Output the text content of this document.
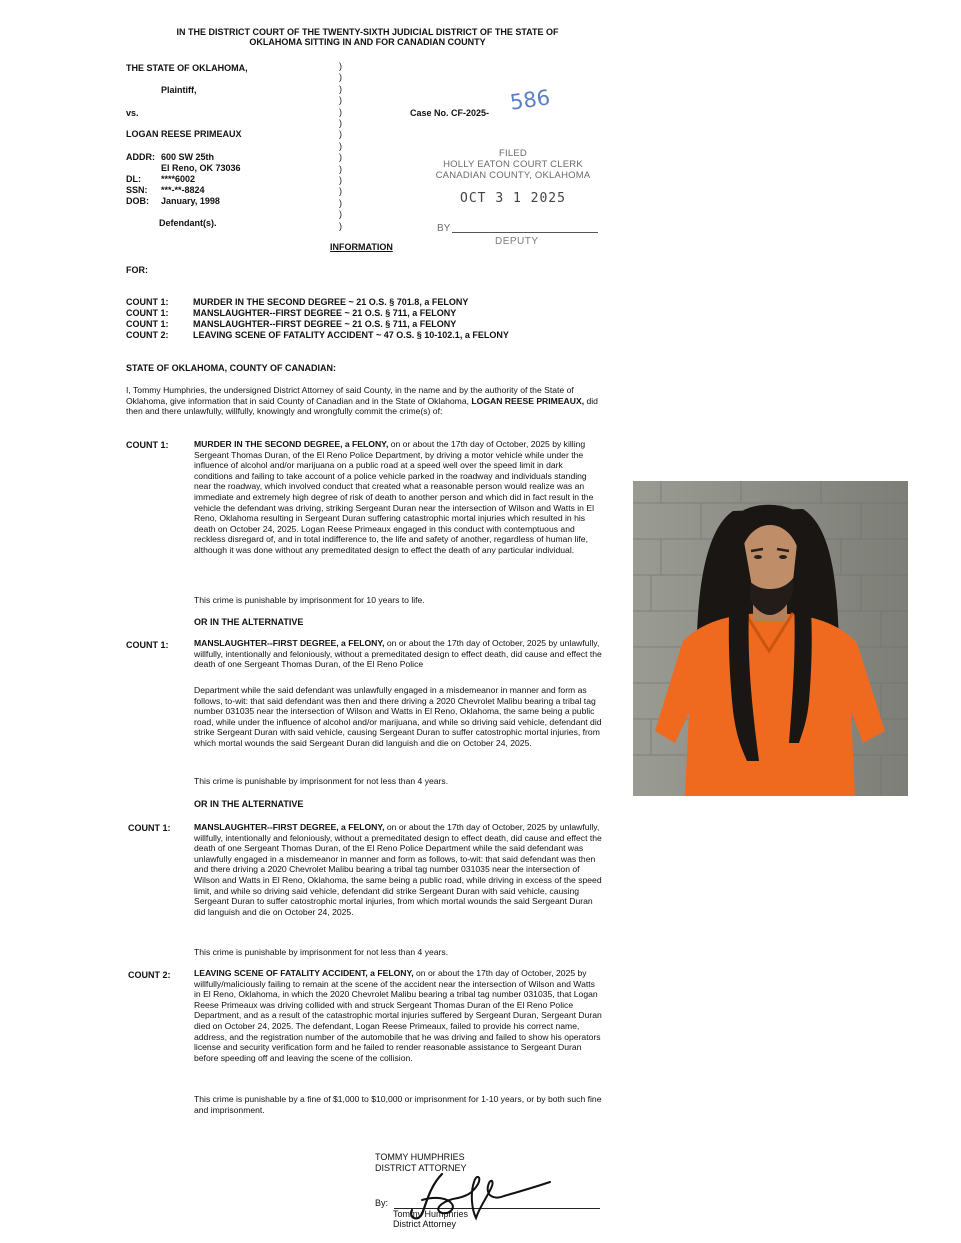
IN THE DISTRICT COURT OF THE TWENTY-SIXTH JUDICIAL DISTRICT OF THE STATE OF
OKLAHOMA SITTING IN AND FOR CANADIAN COUNTY
THE STATE OF OKLAHOMA,
Plaintiff,
vs.
LOGAN REESE PRIMEAUX
ADDR: 600 SW 25th
El Reno, OK 73036
DL: ****6002
SSN: ***-**-8824
DOB: January, 1998
Defendant(s).
)
)
)
)
)
)
)
)
)
)
)
)
)
)
)
Case No. CF-2025- 586
FILED
HOLLY EATON COURT CLERK
CANADIAN COUNTY, OKLAHOMA
OCT 3 1 2025
BY
DEPUTY
INFORMATION
FOR:
COUNT 1:	MURDER IN THE SECOND DEGREE ~ 21 O.S. § 701.8, a FELONY
COUNT 1:	MANSLAUGHTER--FIRST DEGREE ~ 21 O.S. § 711, a FELONY
COUNT 1:	MANSLAUGHTER--FIRST DEGREE ~ 21 O.S. § 711, a FELONY
COUNT 2:	LEAVING SCENE OF FATALITY ACCIDENT ~ 47 O.S. § 10-102.1, a FELONY
STATE OF OKLAHOMA, COUNTY OF CANADIAN:
I, Tommy Humphries, the undersigned District Attorney of said County, in the name and by the authority of the State of Oklahoma, give information that in said County of Canadian and in the State of Oklahoma, LOGAN REESE PRIMEAUX, did then and there unlawfully, willfully, knowingly and wrongfully commit the crime(s) of:
COUNT 1:	MURDER IN THE SECOND DEGREE, a FELONY, on or about the 17th day of October, 2025 by killing Sergeant Thomas Duran, of the El Reno Police Department, by driving a motor vehicle while under the influence of alcohol and/or marijuana on a public road at a speed well over the speed limit in dark conditions and failing to take account of a police vehicle parked in the roadway and individuals standing near the roadway, which involved conduct that created what a reasonable person would realize was an immediate and extremely high degree of risk of death to another person and which did in fact result in the vehicle the defendant was driving, striking Sergeant Duran near the intersection of Wilson and Watts in El Reno, Oklahoma resulting in Sergeant Duran suffering catastrophic mortal injuries which resulted in his death on October 24, 2025. Logan Reese Primeaux engaged in this conduct with contemptuous and reckless disregard of, and in total indifference to, the life and safety of another, regardless of human life, although it was done without any premeditated design to effect the death of any particular individual.
This crime is punishable by imprisonment for 10 years to life.
OR IN THE ALTERNATIVE
COUNT 1:	MANSLAUGHTER--FIRST DEGREE, a FELONY, on or about the 17th day of October, 2025 by unlawfully, willfully, intentionally and feloniously, without a premeditated design to effect death, did cause and effect the death of one Sergeant Thomas Duran, of the El Reno Police
Department while the said defendant was unlawfully engaged in a misdemeanor in manner and form as follows, to-wit: that said defendant was then and there driving a 2020 Chevrolet Malibu bearing a tribal tag number 031035 near the intersection of Wilson and Watts in El Reno, Oklahoma, the same being a public road, while under the influence of alcohol and/or marijuana, and while so driving said vehicle, defendant did strike Sergeant Duran with said vehicle, causing Sergeant Duran to suffer catostrophic mortal injuries, from which mortal wounds the said Sergeant Duran did languish and die on October 24, 2025.
This crime is punishable by imprisonment for not less than 4 years.
OR IN THE ALTERNATIVE
COUNT 1:	MANSLAUGHTER--FIRST DEGREE, a FELONY, on or about the 17th day of October, 2025 by unlawfully, willfully, intentionally and feloniously, without a premeditated design to effect death, did cause and effect the death of one Sergeant Thomas Duran, of the El Reno Police Department while the said defendant was unlawfully engaged in a misdemeanor in manner and form as follows, to-wit: that said defendant was then and there driving a 2020 Chevrolet Malibu bearing a tribal tag number 031035 near the intersection of Wilson and Watts in El Reno, Oklahoma, the same being a public road, while driving in excess of the speed limit, and while so driving said vehicle, defendant did strike Sergeant Duran with said vehicle, causing Sergeant Duran to suffer catostrophic mortal injuries, from which mortal wounds the said Sergeant Duran did languish and die on October 24, 2025.
This crime is punishable by imprisonment for not less than 4 years.
COUNT 2:	LEAVING SCENE OF FATALITY ACCIDENT, a FELONY, on or about the 17th day of October, 2025 by willfully/maliciously failing to remain at the scene of the accident near the intersection of Wilson and Watts in El Reno, Oklahoma, in which the 2020 Chevrolet Malibu bearing a tribal tag number 031035, that Logan Reese Primeaux was driving collided with and struck Sergeant Thomas Duran of the El Reno Police Department, and as a result of the catastrophic mortal injuries suffered by Sergeant Duran, Sergeant Duran died on October 24, 2025. The defendant, Logan Reese Primeaux, failed to provide his correct name, address, and the registration number of the automobile that he was driving and failed to show his operators license and security verification form and he failed to render reasonable assistance to Sergeant Duran before speeding off and leaving the scene of the collision.
This crime is punishable by a fine of $1,000 to $10,000 or imprisonment for 1-10 years, or by both such fine and imprisonment.
TOMMY HUMPHRIES
DISTRICT ATTORNEY
By:
Tommy Humphries
District Attorney
